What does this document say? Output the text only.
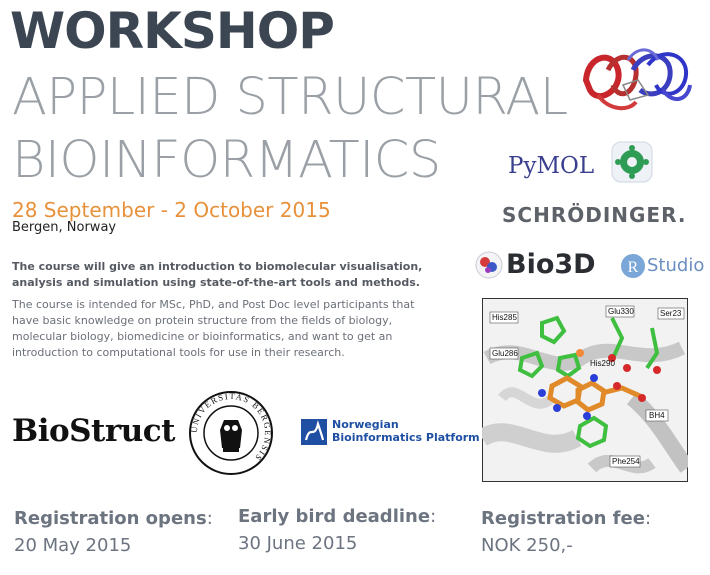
WORKSHOP
APPLIED STRUCTURAL
BIOINFORMATICS
28 September - 2 October 2015
Bergen, Norway
The course will give an introduction to biomolecular visualisation, analysis and simulation using state-of-the-art tools and methods.
The course is intended for MSc, PhD, and Post Doc level participants that have basic knowledge on protein structure from the fields of biology, molecular biology, biomedicine or bioinformatics, and want to get an introduction to computational tools for use in their research.
PyMOL
SCHRÖDINGER.
Bio3D R Studio
His285
Glu330	Ser23
Glu286
His290
BH4
Phe254
BioStruct UNIVERSITAS BERGENSIS
Norwegian
Bioinformatics Platform
Registration opens:
20 May 2015
Early bird deadline:
30 June 2015
Registration fee:
NOK 250,-
